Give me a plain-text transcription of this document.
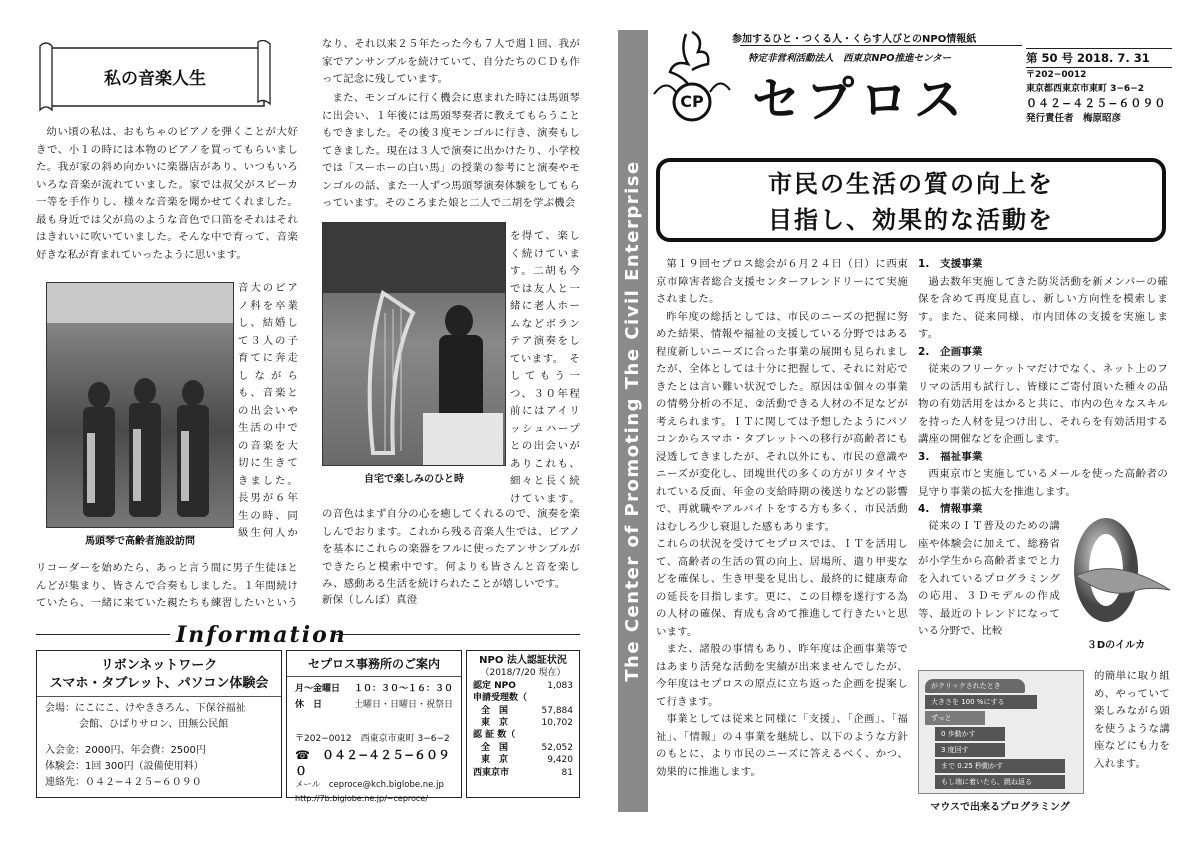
私の音楽人生

幼い頃の私は、おもちゃのピアノを弾くことが大好きで、小１の時には本物のピアノを買ってもらいました。我が家の斜め向かいに楽器店があり、いつもいろいろな音楽が流れていました。家では叔父がスピーカ一等を手作りし、様々な音楽を聞かせてくれました。最も身近では父が鳥のような音色で口笛をそれはそれはきれいに吹いていました。そんな中で育って、音楽好きな私が育まれていったように思います。

馬頭琴で高齢者施設訪問
音大のピアノ科を卒業し、結婚して３人の子育てに奔走しながらも、音楽との出会いや生活の中での音楽を大切に生きてきました。長男が６年生の時、同級生何人か
リコーダーを始めたら、あっと言う間に男子生徒ほとんどが集まり、皆さんで合奏もしました。１年間続けていたら、一緒に来ていた親たちも練習したいという
なり、それ以来２５年たった今も７人で週１回、我が家でアンサンブルを続けていて、自分たちのＣＤも作って記念に残しています。

また、モンゴルに行く機会に恵まれた時には馬頭琴に出会い、１年後には馬頭琴奏者に教えてもらうこともできました。その後３度モンゴルに行き、演奏もしてきました。現在は３人で演奏に出かけたり、小学校では「スーホーの白い馬」の授業の参考にと演奏やモンゴルの話、また一人ずつ馬頭琴演奏体験をしてもらっています。そのころまた娘と二人で二胡を学ぶ機会

自宅で楽しみのひと時
を得て、楽しく続けています。二胡も今では友人と一緒に老人ホームなどボランテア演奏をしています。　そしてもう一つ、３０年程前にはアイリッシュハープとの出会いがありこれも、細々と長く続けています。
の音色はまず自分の心を癒してくれるので、演奏を楽しんでおります。これから残る音楽人生では、ピアノを基本にこれらの楽器をフルに使ったアンサンブルができたらと模索中です。何よりも皆さんと音を楽しみ、感動ある生活を続けられたことが嬉しいです。
新保（しんぼ）真澄
Information
リボンネットワーク
スマホ・タブレット、パソコン体験会
会場： にこにこ、けやききろん、下保谷福祉
会館、ひばりサロン、田無公民館
入会金：2000円、年会費：2500円
体験会：1回 300円（設備使用料）
連絡先：０４２−４２５−６０９０
セプロス事務所のご案内
月〜金曜日 １０：３０〜１６：３０
休　日	土曜日・日曜日・祝祭日
〒202−0012　西東京市東町 3−6−2
☎　０４２−４２５−６０９０
メール　ceproce@kch.biglobe.ne.jp
http://7b.biglobe.ne.jp/~ceproce/
NPO 法人認証状況
（2018/7/20 現在）
認定 NPO	1,083
申請受理数（
全　国	57,884
東　京	10,702
認 証 数（
全　国	52,052
東　京	9,420
西東京市	81
The Center of Promoting The Civil Enterprise
CP
参加するひと・つくる人・くらす人びとのNPO情報紙
特定非営利活動法人　西東京NPO推進センター
セプロス
第 50 号 2018. 7. 31
〒202−0012
東京都西東京市東町 3−6−2
０４２−４２５−６０９０
発行責任者　梅原昭彦
市民の生活の質の向上を
目指し、効果的な活動を

第１９回セプロス総会が６月２４日（日）に西東京市障害者総合支援センターフレンドリーにて実施されました。

昨年度の総括としては、市民のニーズの把握に努めた結果、情報や福祉の支援している分野ではある程度新しいニーズに合った事業の展開も見られましたが、全体としては十分に把握して、それに対応できたとは言い難い状況でした。原因は①個々の事業の情勢分析の不足、②活動できる人材の不足などが考えられます。ＩＴに関しては予想したようにパソコンからスマホ・タブレットへの移行が高齢者にも浸透してきましたが、それ以外にも、市民の意識やニーズが変化し、団塊世代の多くの方がリタイヤされている反面、年金の支給時期の後送りなどの影響で、再就職やアルバイトをする方も多く、市民活動はむしろ少し衰退した感もあります。

これらの状況を受けてセプロスでは、ＩＴを活用して、高齢者の生活の質の向上、居場所、遣り甲斐などを確保し、生き甲斐を見出し、最終的に健康寿命の延長を目指します。更に、この目標を遂行する為の人材の確保、育成も含めて推進して行きたいと思います。

また、諸般の事情もあり、昨年度は企画事業等ではあまり活発な活動を実績が出来ませんでしたが、今年度はセプロスの原点に立ち返った企画を提案して行きます。

事業としては従来と同様に「支援」、「企画」、「福祉」、「情報」の４事業を継続し、以下のような方針のもとに、より市民のニーズに答えるべく、かつ、効果的に推進します。

1.　支援事業

過去数年実施してきた防災活動を新メンバーの確保を含めて再度見直し、新しい方向性を模索します。また、従来同様、市内団体の支援を実施します。

2.　企画事業

従来のフリーケットマだけでなく、ネット上のフリマの活用も試行し、皆様にご寄付頂いた種々の品物の有効活用をはかると共に、市内の色々なスキルを持った人材を見つけ出し、それらを有効活用する講座の開催などを企画します。

3.　福祉事業

西東京市と実施しているメールを使った高齢者の見守り事業の拡大を推進します。

4.　情報事業

従来のＩＴ普及のための講座や体験会に加えて、総務省が小学生から高齢者までと力を入れているプログラミングの応用、３Ｄモデルの作成等、最近のトレンドになっている分野で、比較

３Dのイルカ
がクリックされたとき
大きさを 100 %にする
ずっと
0 歩動かす
3 度回す
まで 0.25 秒動かす
もし端に着いたら、跳ね返る
マウスで出来るプログラミング
的簡単に取り組め、やっていて楽しみながら頭を使うような講座などにも力を入れます。
